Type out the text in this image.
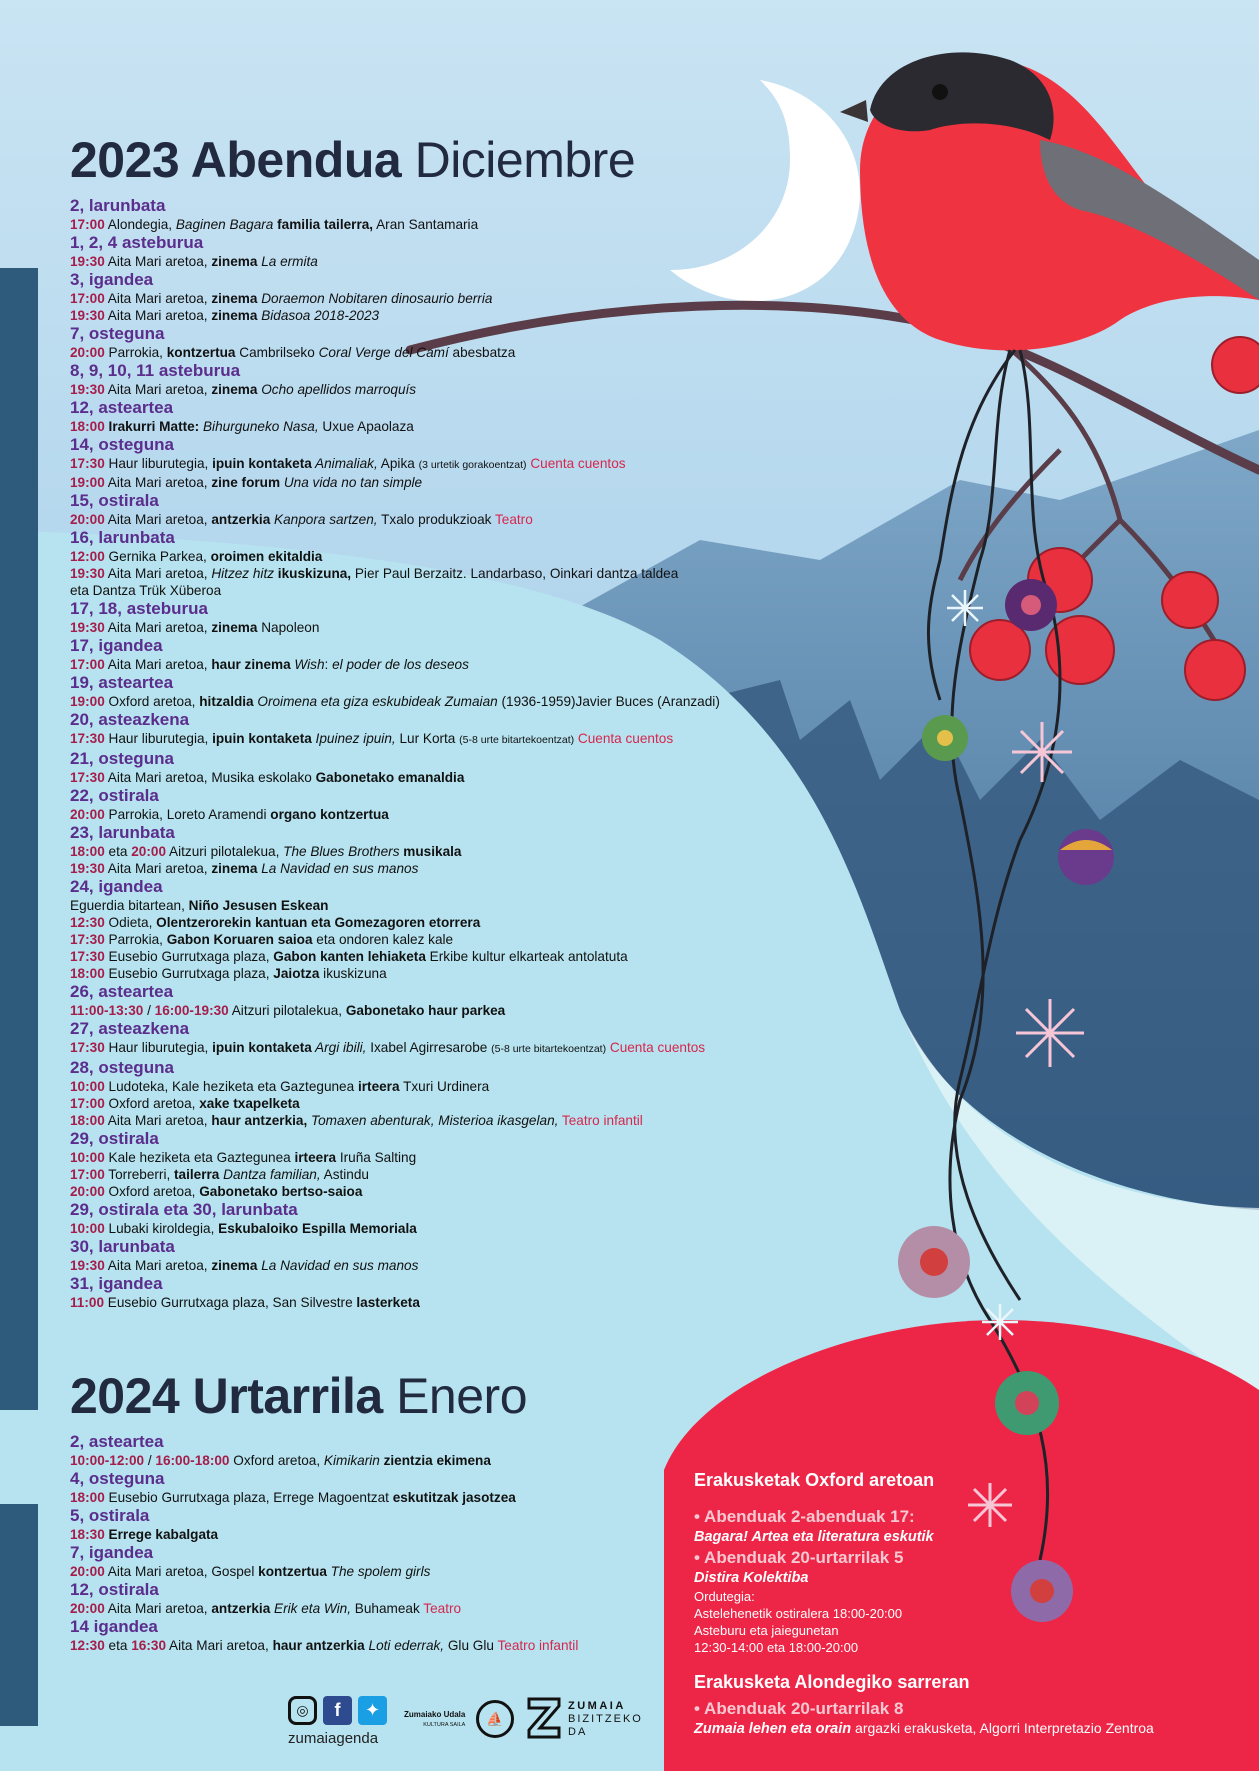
2023 Abendua Diciembre
2, larunbata
17:00 Alondegia, Baginen Bagara familia tailerra, Aran Santamaria
1, 2, 4 asteburua
19:30 Aita Mari aretoa, zinema La ermita
3, igandea
17:00 Aita Mari aretoa, zinema Doraemon Nobitaren dinosaurio berria
19:30 Aita Mari aretoa, zinema Bidasoa 2018-2023
7, osteguna
20:00 Parrokia, kontzertua Cambrilseko Coral Verge del Camí abesbatza
8, 9, 10, 11 asteburua
19:30 Aita Mari aretoa, zinema Ocho apellidos marroquís
12, asteartea
18:00 Irakurri Matte: Bihurguneko Nasa, Uxue Apaolaza
14, osteguna
17:30 Haur liburutegia, ipuin kontaketa Animaliak, Apika (3 urtetik gorakoentzat) Cuenta cuentos
19:00 Aita Mari aretoa, zine forum Una vida no tan simple
15, ostirala
20:00 Aita Mari aretoa, antzerkia Kanpora sartzen, Txalo produkzioak Teatro
16, larunbata
12:00 Gernika Parkea, oroimen ekitaldia
19:30 Aita Mari aretoa, Hitzez hitz ikuskizuna, Pier Paul Berzaitz. Landarbaso, Oinkari dantza taldea
eta Dantza Trük Xüberoa
17, 18, asteburua
19:30 Aita Mari aretoa, zinema Napoleon
17, igandea
17:00 Aita Mari aretoa, haur zinema Wish: el poder de los deseos
19, asteartea
19:00 Oxford aretoa, hitzaldia Oroimena eta giza eskubideak Zumaian (1936-1959)Javier Buces (Aranzadi)
20, asteazkena
17:30 Haur liburutegia, ipuin kontaketa Ipuinez ipuin, Lur Korta (5-8 urte bitartekoentzat) Cuenta cuentos
21, osteguna
17:30 Aita Mari aretoa, Musika eskolako Gabonetako emanaldia
22, ostirala
20:00 Parrokia, Loreto Aramendi organo kontzertua
23, larunbata
18:00 eta 20:00 Aitzuri pilotalekua, The Blues Brothers musikala
19:30 Aita Mari aretoa, zinema La Navidad en sus manos
24, igandea
Eguerdia bitartean, Niño Jesusen Eskean
12:30 Odieta, Olentzerorekin kantuan eta Gomezagoren etorrera
17:30 Parrokia, Gabon Koruaren saioa eta ondoren kalez kale
17:30 Eusebio Gurrutxaga plaza, Gabon kanten lehiaketa Erkibe kultur elkarteak antolatuta
18:00 Eusebio Gurrutxaga plaza, Jaiotza ikuskizuna
26, asteartea
11:00-13:30 / 16:00-19:30 Aitzuri pilotalekua, Gabonetako haur parkea
27, asteazkena
17:30 Haur liburutegia, ipuin kontaketa Argi ibili, Ixabel Agirresarobe (5-8 urte bitartekoentzat) Cuenta cuentos
28, osteguna
10:00 Ludoteka, Kale heziketa eta Gaztegunea irteera Txuri Urdinera
17:00 Oxford aretoa, xake txapelketa
18:00 Aita Mari aretoa, haur antzerkia, Tomaxen abenturak, Misterioa ikasgelan, Teatro infantil
29, ostirala
10:00 Kale heziketa eta Gaztegunea irteera Iruña Salting
17:00 Torreberri, tailerra Dantza familian, Astindu
20:00 Oxford aretoa, Gabonetako bertso-saioa
29, ostirala eta 30, larunbata
10:00 Lubaki kiroldegia, Eskubaloiko Espilla Memoriala
30, larunbata
19:30 Aita Mari aretoa, zinema La Navidad en sus manos
31, igandea
11:00 Eusebio Gurrutxaga plaza, San Silvestre lasterketa
2024 Urtarrila Enero
2, asteartea
10:00-12:00 / 16:00-18:00 Oxford aretoa, Kimikarin zientzia ekimena
4, osteguna
18:00 Eusebio Gurrutxaga plaza, Errege Magoentzat eskutitzak jasotzea
5, ostirala
18:30 Errege kabalgata
7, igandea
20:00 Aita Mari aretoa, Gospel kontzertua The spolem girls
12, ostirala
20:00 Aita Mari aretoa, antzerkia Erik eta Win, Buhameak Teatro
14 igandea
12:30 eta 16:30 Aita Mari aretoa, haur antzerkia Loti ederrak, Glu Glu Teatro infantil
Erakusketak Oxford aretoan
• Abenduak 2-abenduak 17:
Bagara! Artea eta literatura eskutik
• Abenduak 20-urtarrilak 5
Distira Kolektiba
Ordutegia:
Astelehenetik ostiralera 18:00-20:00
Asteburu eta jaiegunetan
12:30-14:00 eta 18:00-20:00
Erakusketa Alondegiko sarreran
• Abenduak 20-urtarrilak 8
Zumaia lehen eta orain argazki erakusketa, Algorri Interpretazio Zentroa
◎	f	✦
zumaiagenda
Zumaiako Udala
KULTURA SAILA	⛵
ZUMAIA
BIZITZEKO
DA
